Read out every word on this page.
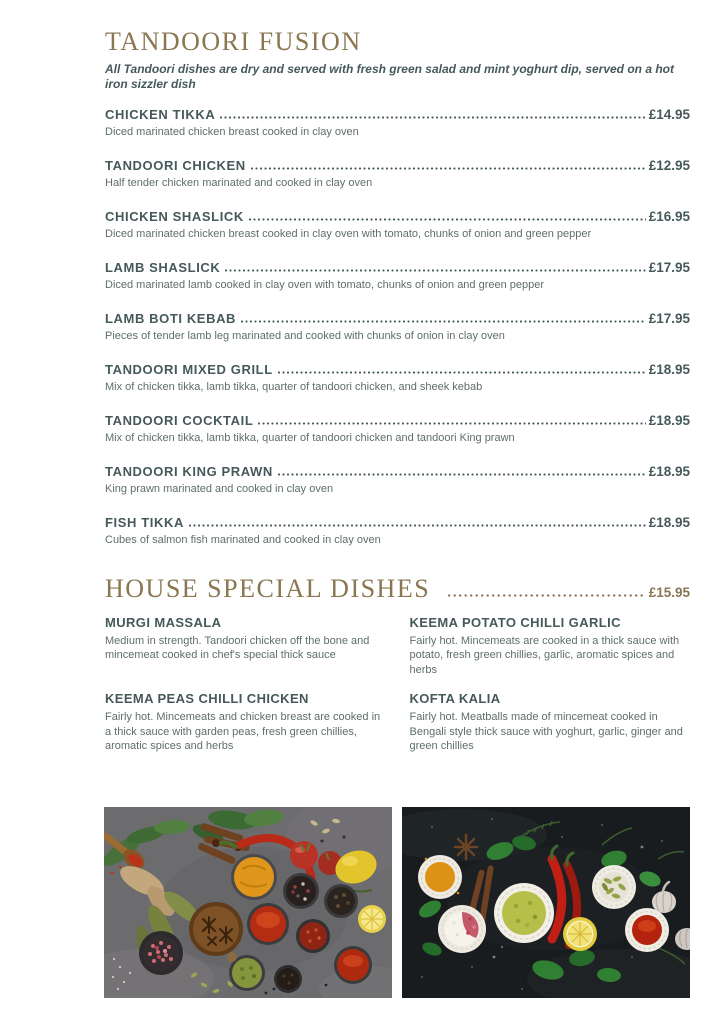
TANDOORI FUSION

All Tandoori dishes are dry and served with fresh green salad and mint yoghurt dip, served on a hot iron sizzler dish

CHICKEN TIKKA	£14.95
Diced marinated chicken breast cooked in clay oven
TANDOORI CHICKEN	£12.95
Half tender chicken marinated and cooked in clay oven
CHICKEN SHASLICK	£16.95
Diced marinated chicken breast cooked in clay oven with tomato, chunks of onion and green pepper
LAMB SHASLICK	£17.95
Diced marinated lamb cooked in clay oven with tomato, chunks of onion and green pepper
LAMB BOTI KEBAB	£17.95
Pieces of tender lamb leg marinated and cooked with chunks of onion in clay oven
TANDOORI MIXED GRILL	£18.95
Mix of chicken tikka, lamb tikka, quarter of tandoori chicken, and sheek kebab
TANDOORI COCKTAIL	£18.95
Mix of chicken tikka, lamb tikka, quarter of tandoori chicken and tandoori King prawn
TANDOORI KING PRAWN	£18.95
King prawn marinated and cooked in clay oven
FISH TIKKA	£18.95
Cubes of salmon fish marinated and cooked in clay oven
HOUSE SPECIAL DISHES	£15.95
MURGI MASSALA

Medium in strength. Tandoori chicken off the bone and mincemeat cooked in chef's special thick sauce

KEEMA POTATO CHILLI GARLIC

Fairly hot. Mincemeats are cooked in a thick sauce with potato, fresh green chillies, garlic, aromatic spices and herbs

KEEMA PEAS CHILLI CHICKEN

Fairly hot. Mincemeats and chicken breast are cooked in a thick sauce with garden peas, fresh green chillies, aromatic spices and herbs

KOFTA KALIA

Fairly hot. Meatballs made of mincemeat cooked in Bengali style thick sauce with yoghurt, garlic, ginger and green chillies
